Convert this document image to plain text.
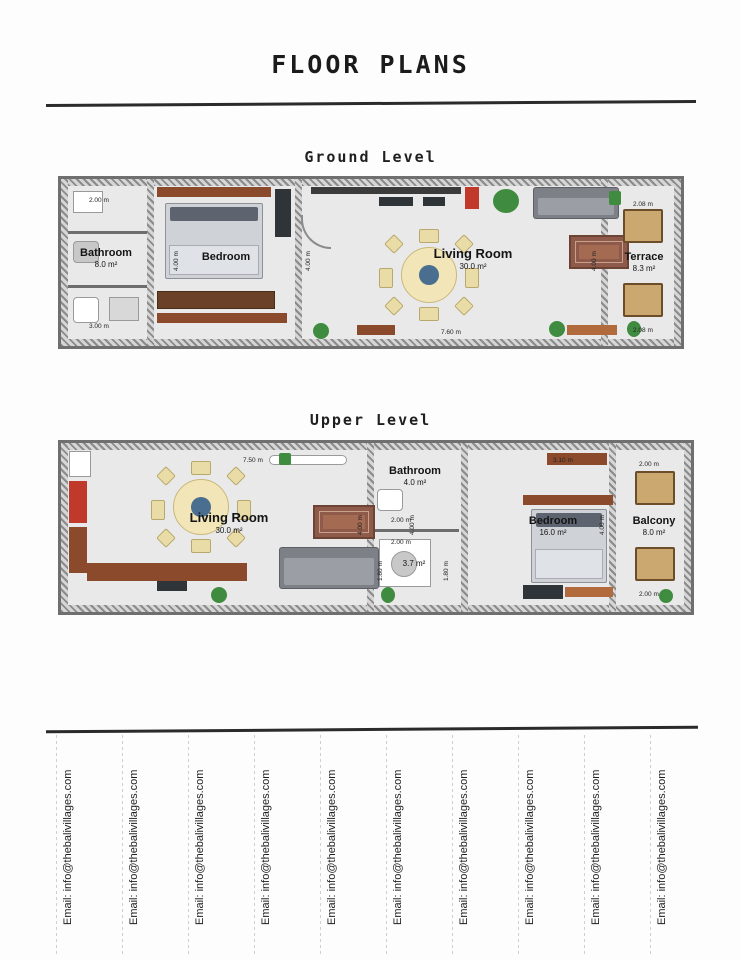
FLOOR PLANS
Ground Level
Bathroom
8.0 m²
Bedroom	Living Room
30.0 m²
Terrace
8.3 m²
2.00 m
3.00 m
4.00 m	4.00 m	4.00 m
7.60 m
2.08 m
2.08 m
Upper Level
Living Room
30.0 m²
Bathroom
4.0 m²
3.7 m²
Bedroom
16.0 m²
Balcony
8.0 m²
7.50 m
4.00 m
2.00 m
2.00 m
1.80 m	1.80 m
4.00 m	4.00 m
3.10 m
2.00 m
2.00 m
Email: info@thebalivillages.com	Email: info@thebalivillages.com	Email: info@thebalivillages.com	Email: info@thebalivillages.com	Email: info@thebalivillages.com	Email: info@thebalivillages.com	Email: info@thebalivillages.com	Email: info@thebalivillages.com	Email: info@thebalivillages.com	Email: info@thebalivillages.com
